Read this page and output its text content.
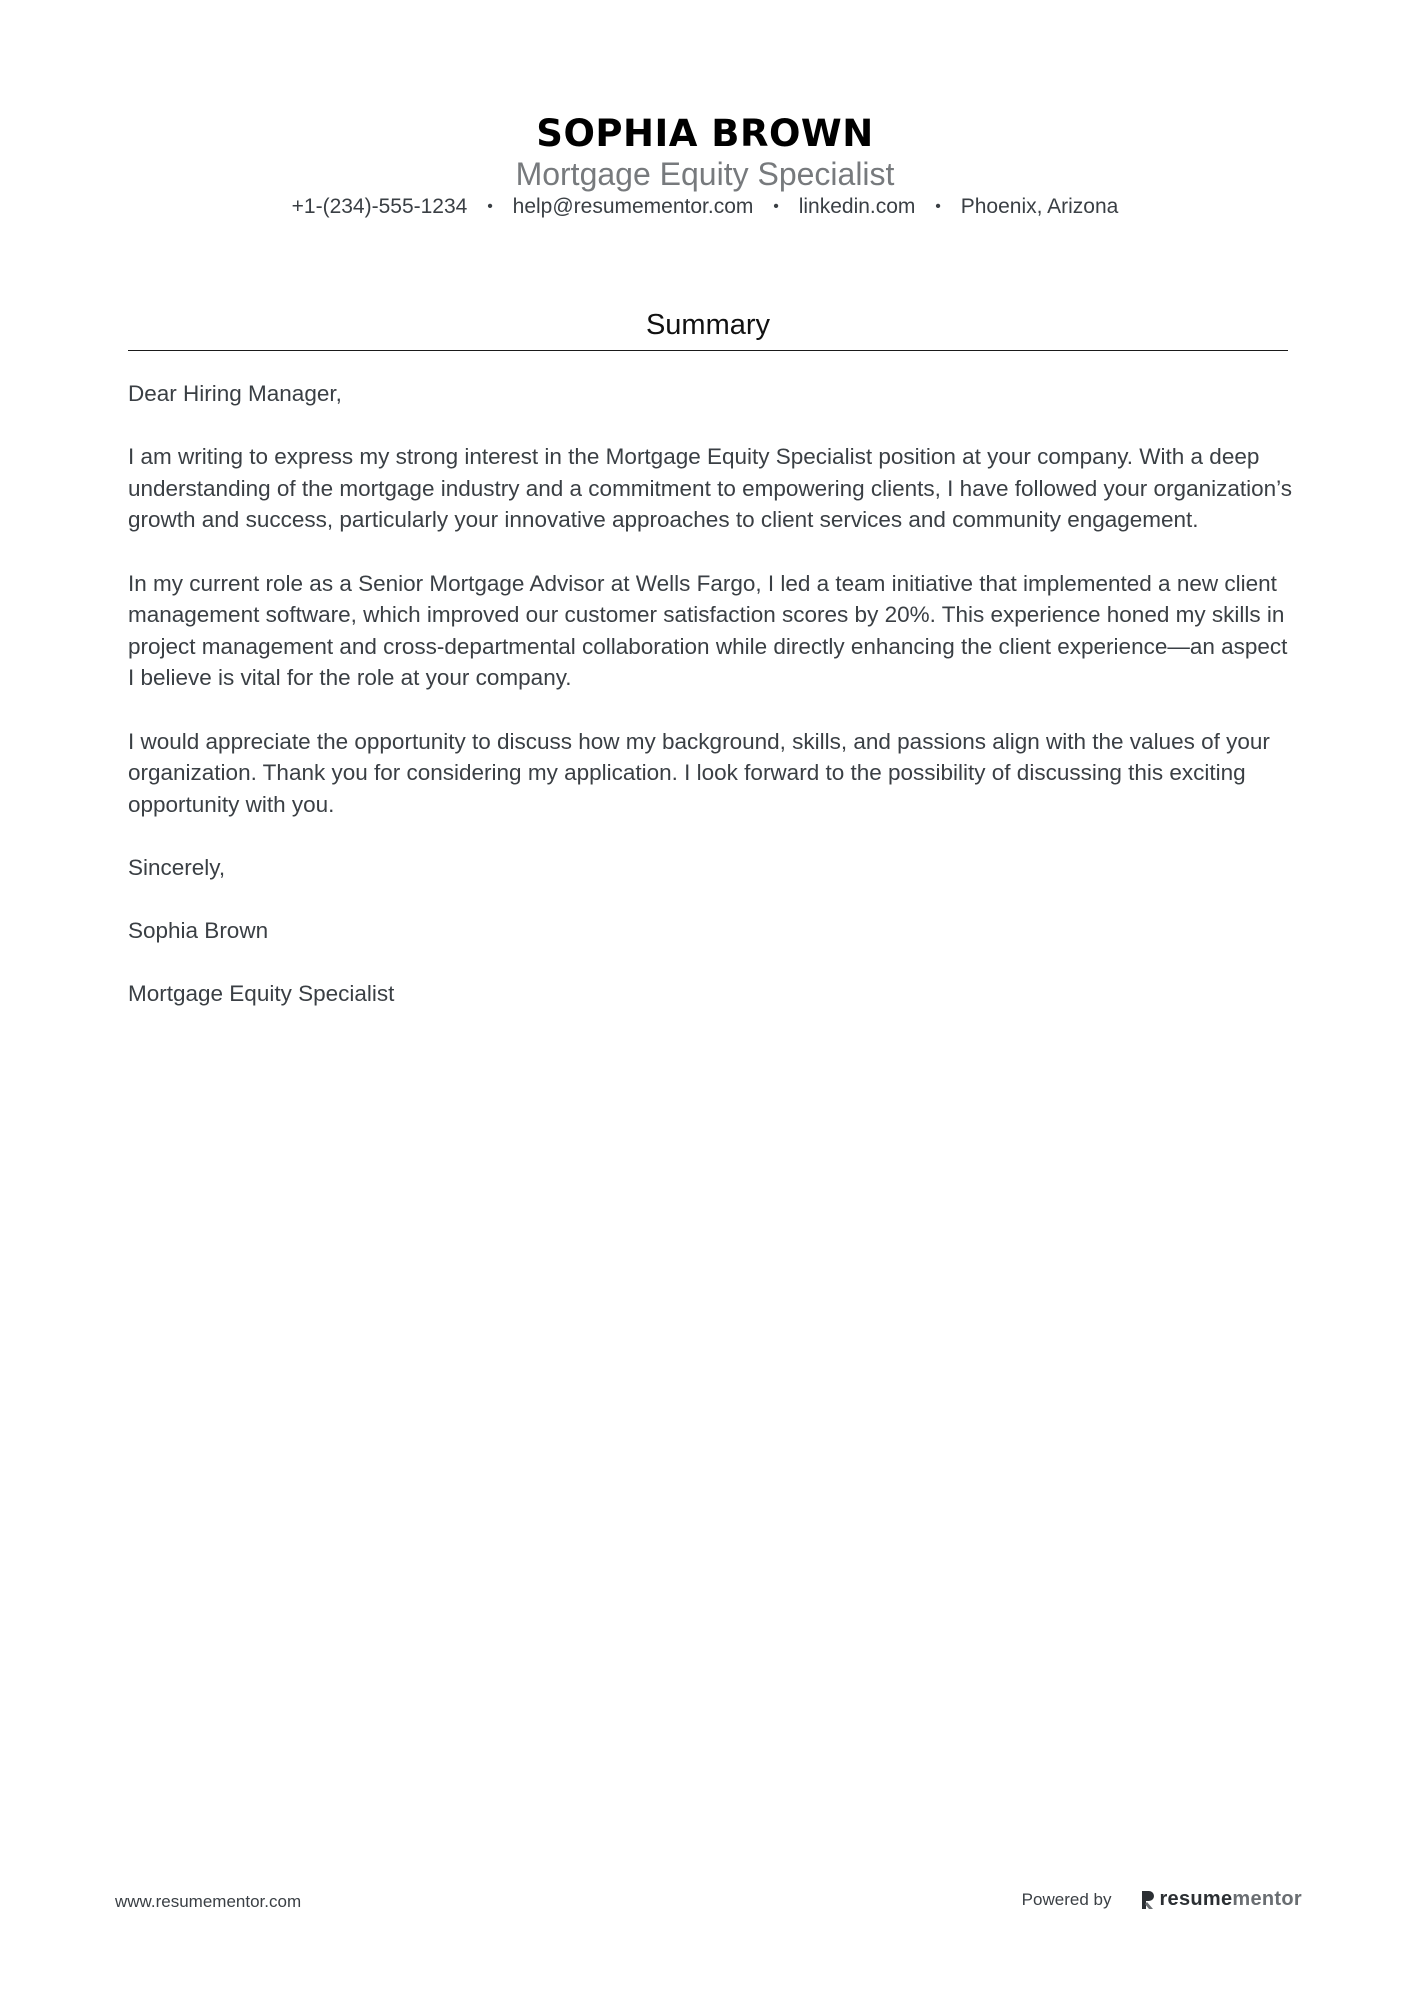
SOPHIA BROWN
Mortgage Equity Specialist
+1-(234)-555-1234 • help@resumementor.com • linkedin.com • Phoenix, Arizona
Summary

Dear Hiring Manager,

I am writing to express my strong interest in the Mortgage Equity Specialist position at your company. With a deep understanding of the mortgage industry and a commitment to empowering clients, I have followed your organization’s growth and success, particularly your innovative approaches to client services and community engagement.

In my current role as a Senior Mortgage Advisor at Wells Fargo, I led a team initiative that implemented a new client management software, which improved our customer satisfaction scores by 20%. This experience honed my skills in project management and cross-departmental collaboration while directly enhancing the client experience—an aspect I believe is vital for the role at your company.

I would appreciate the opportunity to discuss how my background, skills, and passions align with the values of your organization. Thank you for considering my application. I look forward to the possibility of discussing this exciting opportunity with you.

Sincerely,

Sophia Brown

Mortgage Equity Specialist

www.resumementor.com	Powered by resume mentor
